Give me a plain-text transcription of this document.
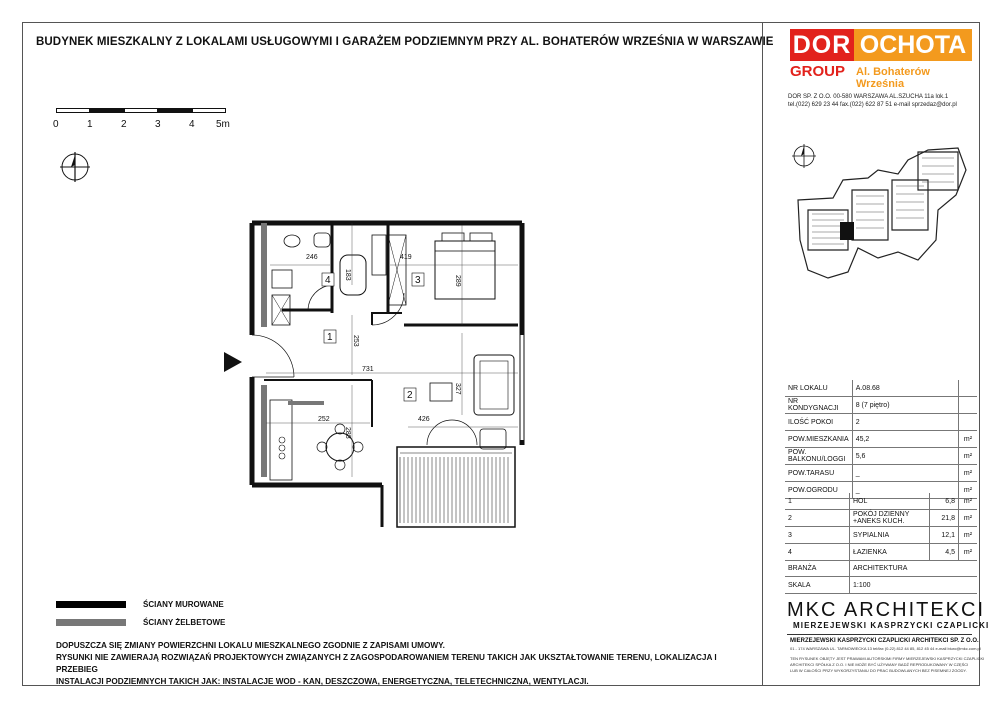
BUDYNEK MIESZKALNY Z LOKALAMI USŁUGOWYMI I GARAŻEM PODZIEMNYM PRZY AL. BOHATERÓW WRZEŚNIA W WARSZAWIE DOR OCHOTA
GROUP Al. Bohaterów Września
DOR SP. Z O.O. 00-580 WARSZAWA AL.SZUCHA 11a lok.1
tel.(022) 629 23 44 fax.(022) 622 87 51 e-mail sprzedaz@dor.pl
0	1	2	3	4 5m
4	3
1
2
246
183
419
289
253
731
327
252
288
426
NR LOKALU	A.08.68	
NR KONDYGNACJI	8 (7 piętro)	
ILOŚĆ POKOI	2	
POW.MIESZKANIA	45,2	m²
POW. BALKONU/LOGGI	5,6	m²
POW.TARASU	_	m²
POW.OGRODU	_	m²
1	HOL	6,8	m²
2	POKÓJ DZIENNY +ANEKS KUCH.	21,8	m²
3	SYPIALNIA	12,1	m²
4	ŁAZIENKA	4,5	m²
BRANŻA	ARCHITEKTURA
SKALA	1:100
MKC ARCHITEKCI
MIERZEJEWSKI KASPRZYCKI CZAPLICKI
MIERZEJEWSKI KASPRZYCKI CZAPLICKI ARCHITEKCI SP. Z O.O.
01 - 174 WARSZAWA UL. TARNOWIECKA 13 tel/fax (0-22) 812 44 85, 812 45 44 e-mail biuro@mkc.com.pl
TEN RYSUNEK OBJĘTY JEST PRAWAMI AUTORSKIMI FIRMY MIERZEJEWSKI KASPRZYCKI CZAPLICKI
ARCHITEKCI SPÓŁKA Z O.O. I NIE MOŻE BYĆ UŻYWANY BADŹ REPRODUKOWANY W CZĘŚCI
LUB W CAŁOŚCI PRZY WYKORZYSTANIU DO PRAC BUDOWLANYCH BEZ PISEMNEJ ZGODY.
ŚCIANY MUROWANE
ŚCIANY ŻELBETOWE
DOPUSZCZA SIĘ ZMIANY POWIERZCHNI LOKALU MIESZKALNEGO ZGODNIE Z ZAPISAMI UMOWY.
RYSUNKI NIE ZAWIERAJĄ ROZWIĄZAŃ PROJEKTOWYCH ZWIĄZANYCH Z ZAGOSPODAROWANIEM TERENU TAKICH JAK UKSZTAŁTOWANIE TERENU, LOKALIZACJA I PRZEBIEG
INSTALACJI PODZIEMNYCH TAKICH JAK: INSTALACJE WOD - KAN, DESZCZOWA, ENERGETYCZNA, TELETECHNICZNA, WENTYLACJI.
